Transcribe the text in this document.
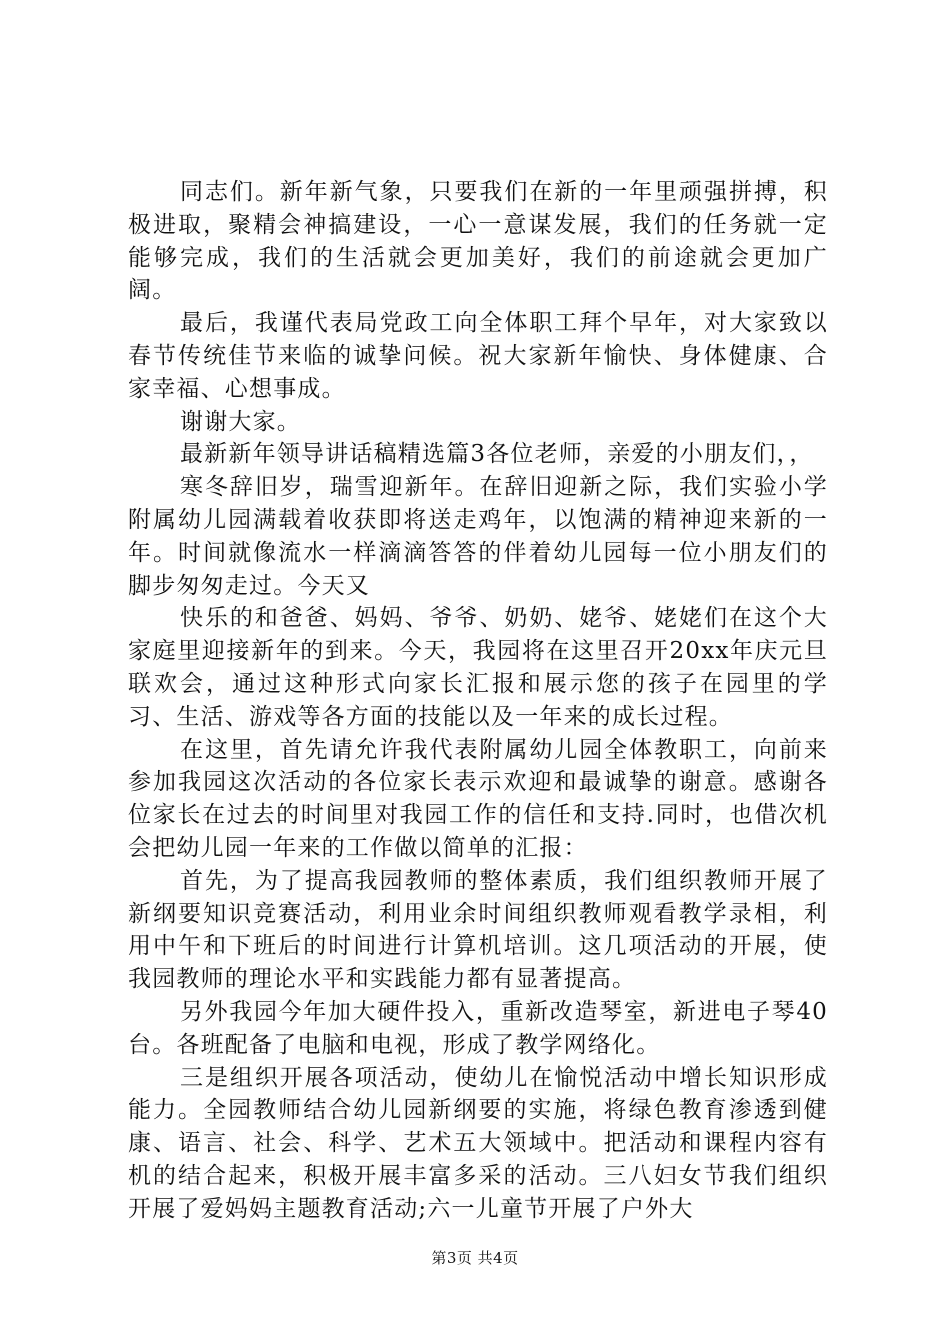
同志们。新年新气象，只要我们在新的一年里顽强拼搏，积极进取，聚精会神搞建设，一心一意谋发展，我们的任务就一定能够完成，我们的生活就会更加美好，我们的前途就会更加广阔。

最后，我谨代表局党政工向全体职工拜个早年，对大家致以春节传统佳节来临的诚挚问候。祝大家新年愉快、身体健康、合家幸福、心想事成。

谢谢大家。

最新新年领导讲话稿精选篇3各位老师，亲爱的小朋友们，，

寒冬辞旧岁，瑞雪迎新年。在辞旧迎新之际，我们实验小学附属幼儿园满载着收获即将送走鸡年，以饱满的精神迎来新的一年。时间就像流水一样滴滴答答的伴着幼儿园每一位小朋友们的脚步匆匆走过。今天又

快乐的和爸爸、妈妈、爷爷、奶奶、姥爷、姥姥们在这个大家庭里迎接新年的到来。今天，我园将在这里召开20xx年庆元旦联欢会，通过这种形式向家长汇报和展示您的孩子在园里的学习、生活、游戏等各方面的技能以及一年来的成长过程。

在这里，首先请允许我代表附属幼儿园全体教职工，向前来参加我园这次活动的各位家长表示欢迎和最诚挚的谢意。感谢各位家长在过去的时间里对我园工作的信任和支持.同时，也借次机会把幼儿园一年来的工作做以简单的汇报：

首先，为了提高我园教师的整体素质，我们组织教师开展了新纲要知识竞赛活动，利用业余时间组织教师观看教学录相，利用中午和下班后的时间进行计算机培训。这几项活动的开展，使我园教师的理论水平和实践能力都有显著提高。

另外我园今年加大硬件投入，重新改造琴室，新进电子琴40台。各班配备了电脑和电视，形成了教学网络化。

三是组织开展各项活动，使幼儿在愉悦活动中增长知识形成能力。全园教师结合幼儿园新纲要的实施，将绿色教育渗透到健康、语言、社会、科学、艺术五大领域中。把活动和课程内容有机的结合起来，积极开展丰富多采的活动。三八妇女节我们组织开展了爱妈妈主题教育活动;六一儿童节开展了户外大

第3页 共4页
